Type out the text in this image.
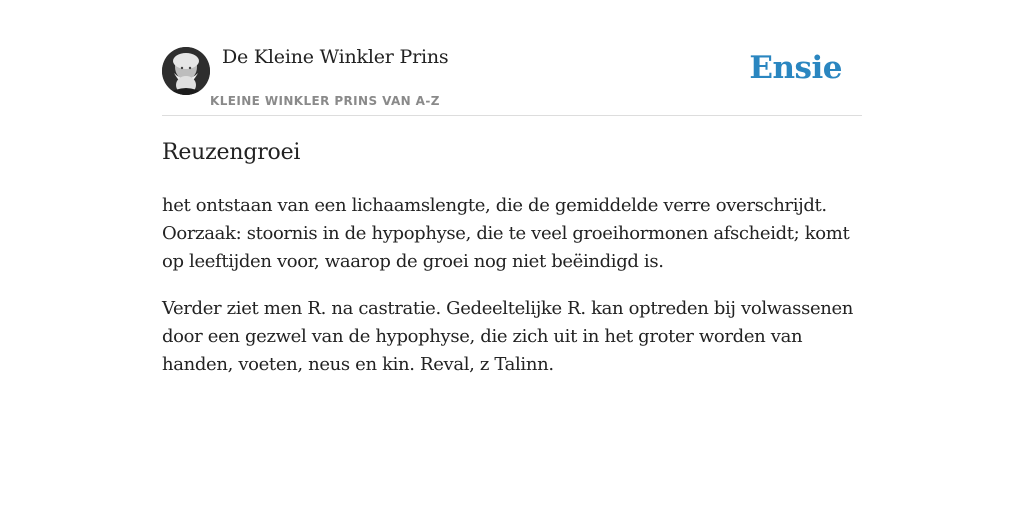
De Kleine Winkler Prins
KLEINE WINKLER PRINS VAN A-Z
Ensie
Reuzengroei

het ontstaan van een lichaamslengte, die de gemiddelde verre overschrijdt. Oorzaak: stoornis in de hypophyse, die te veel groeihormonen afscheidt; komt op leeftijden voor, waarop de groei nog niet beëindigd is.

Verder ziet men R. na castratie. Gedeeltelijke R. kan optreden bij volwassenen door een gezwel van de hypophyse, die zich uit in het groter worden van handen, voeten, neus en kin. Reval, z Talinn.
